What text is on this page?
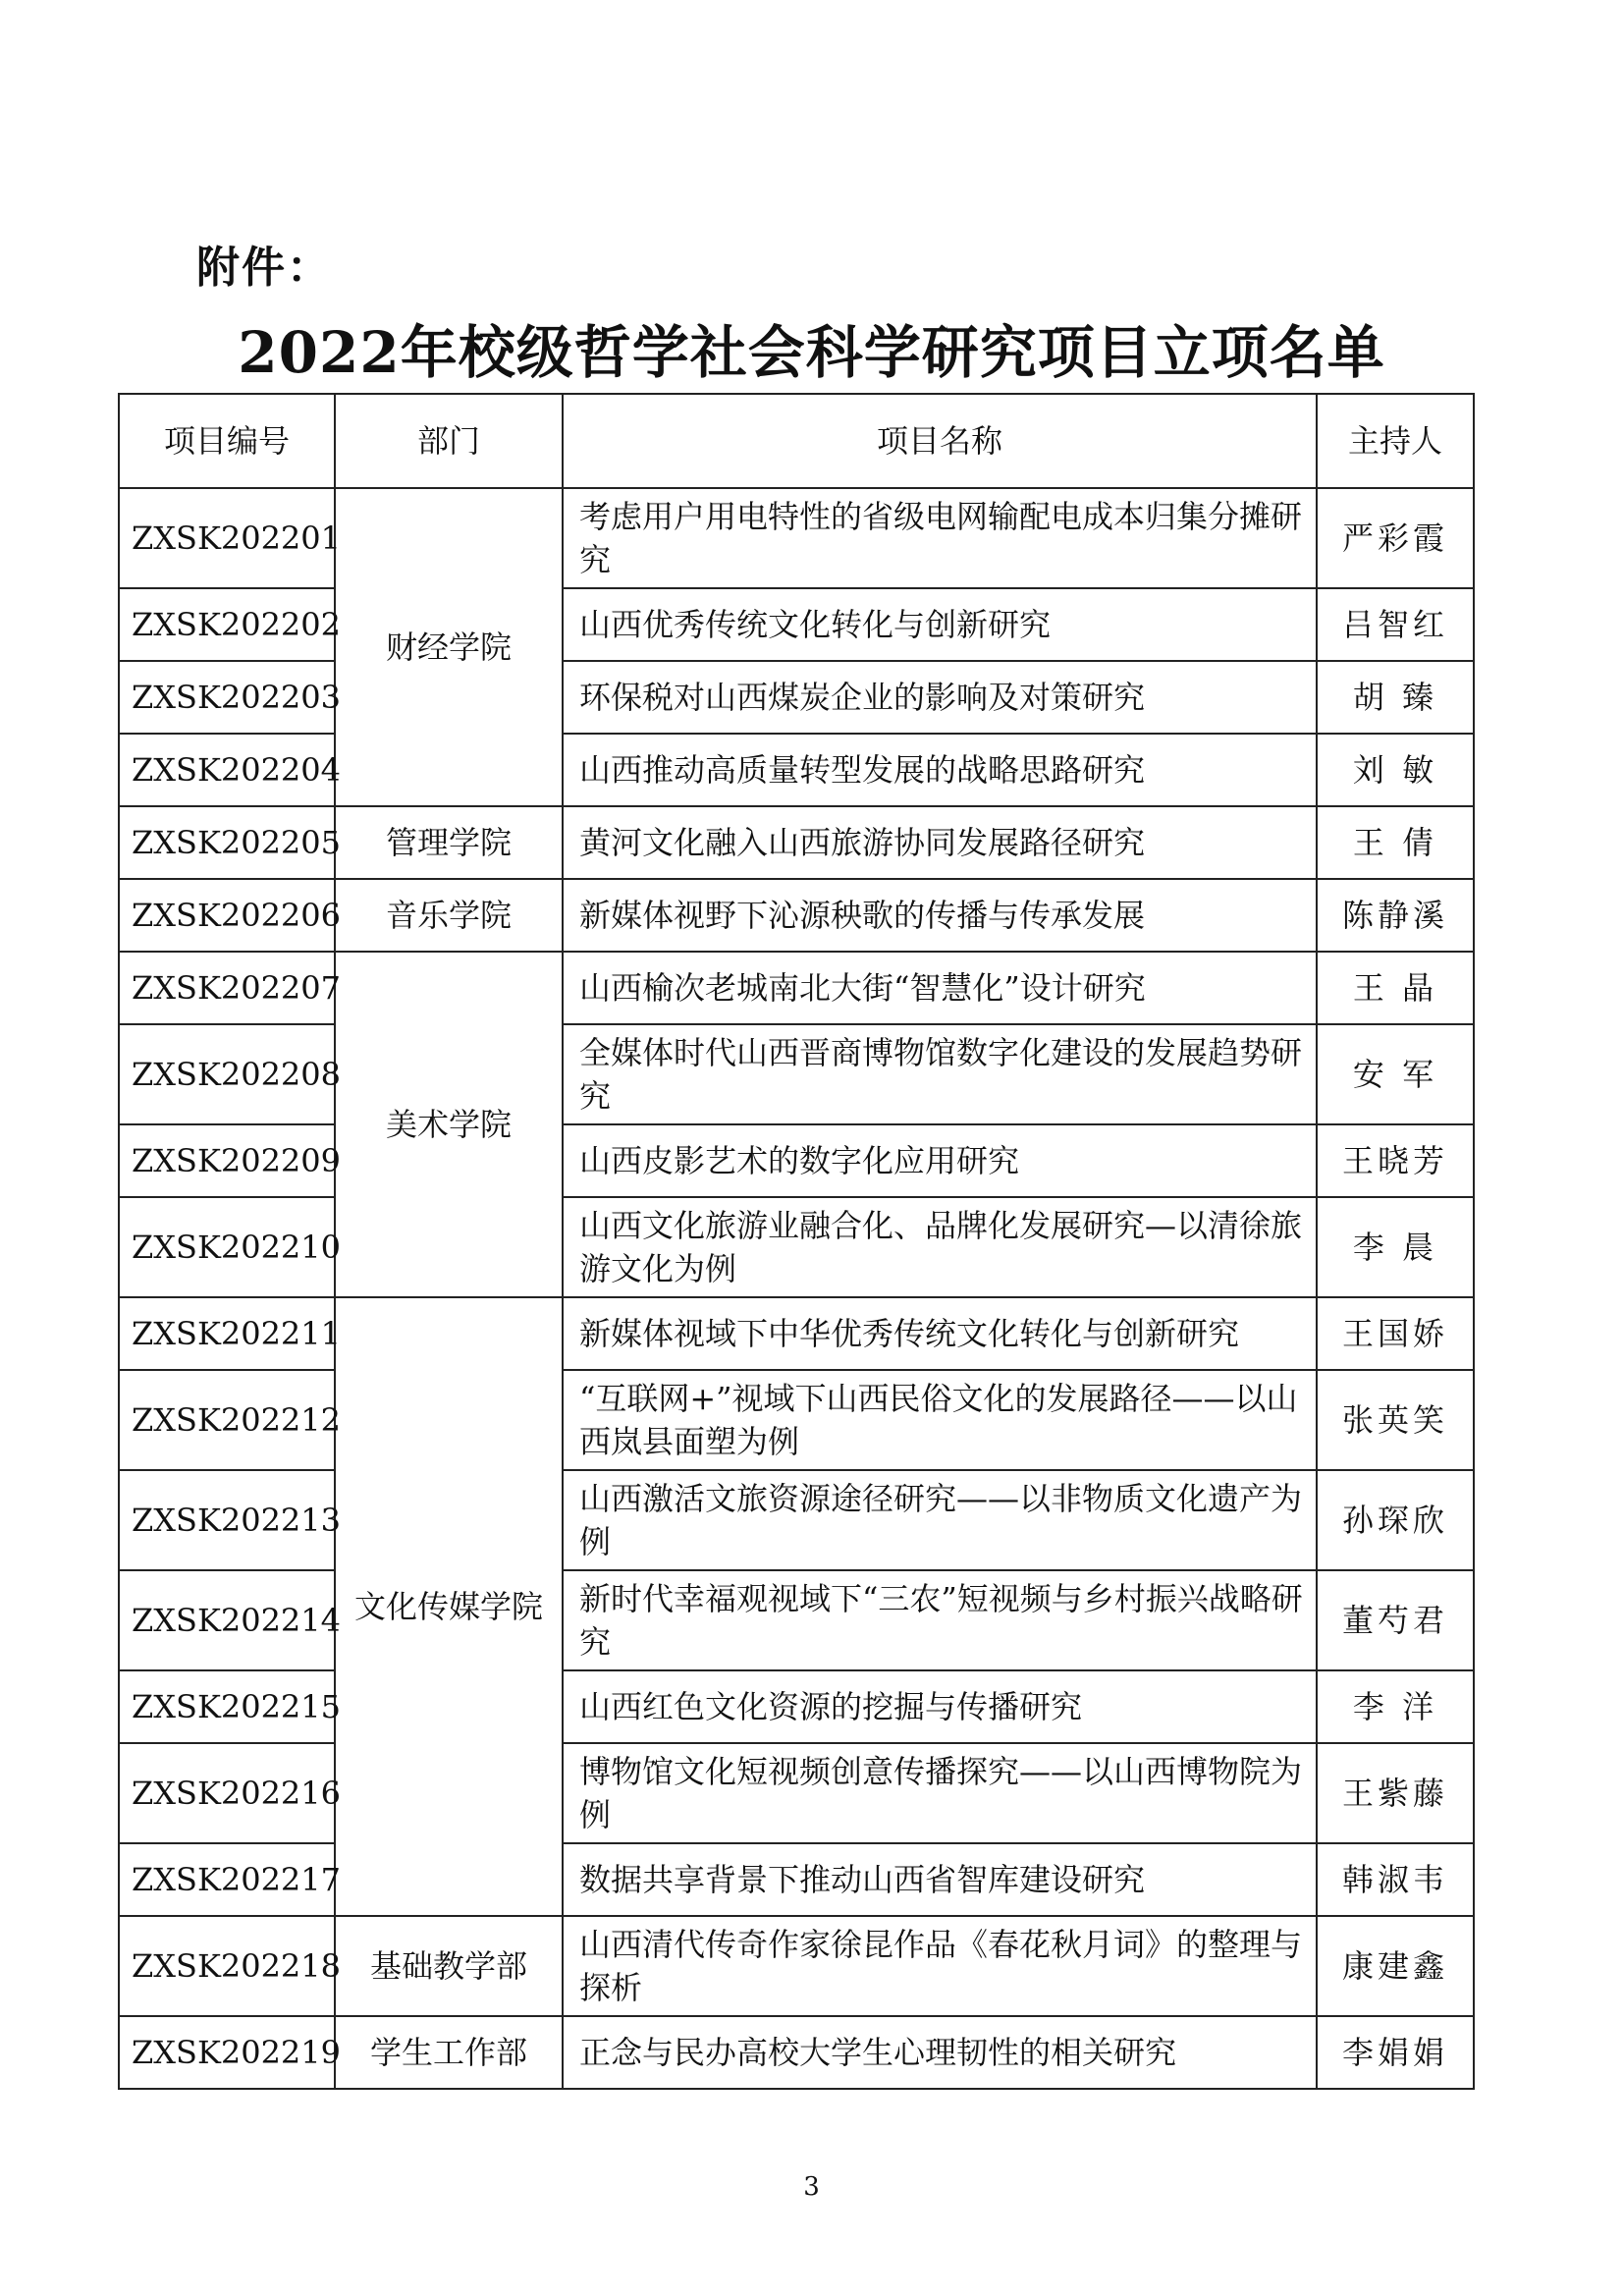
附件：
2022年校级哲学社会科学研究项目立项名单
项目编号	部门	项目名称	主持人
ZXSK202201	财经学院	考虑用户用电特性的省级电网输配电成本归集分摊研究	严彩霞
ZXSK202202		山西优秀传统文化转化与创新研究	吕智红
ZXSK202203		环保税对山西煤炭企业的影响及对策研究	胡 臻
ZXSK202204		山西推动高质量转型发展的战略思路研究	刘 敏
ZXSK202205	管理学院	黄河文化融入山西旅游协同发展路径研究	王 倩
ZXSK202206	音乐学院	新媒体视野下沁源秧歌的传播与传承发展	陈静溪
ZXSK202207	美术学院	山西榆次老城南北大街“智慧化”设计研究	王 晶
ZXSK202208		全媒体时代山西晋商博物馆数字化建设的发展趋势研究	安 军
ZXSK202209		山西皮影艺术的数字化应用研究	王晓芳
ZXSK202210		山西文化旅游业融合化、品牌化发展研究—以清徐旅游文化为例	李 晨
ZXSK202211	文化传媒学院	新媒体视域下中华优秀传统文化转化与创新研究	王国娇
ZXSK202212		“互联网+”视域下山西民俗文化的发展路径——以山西岚县面塑为例	张英笑
ZXSK202213		山西激活文旅资源途径研究——以非物质文化遗产为例	孙琛欣
ZXSK202214		新时代幸福观视域下“三农”短视频与乡村振兴战略研究	董芍君
ZXSK202215		山西红色文化资源的挖掘与传播研究	李 洋
ZXSK202216		博物馆文化短视频创意传播探究——以山西博物院为例	王紫藤
ZXSK202217		数据共享背景下推动山西省智库建设研究	韩淑韦
ZXSK202218	基础教学部	山西清代传奇作家徐昆作品《春花秋月词》的整理与探析	康建鑫
ZXSK202219	学生工作部	正念与民办高校大学生心理韧性的相关研究	李娟娟
3
